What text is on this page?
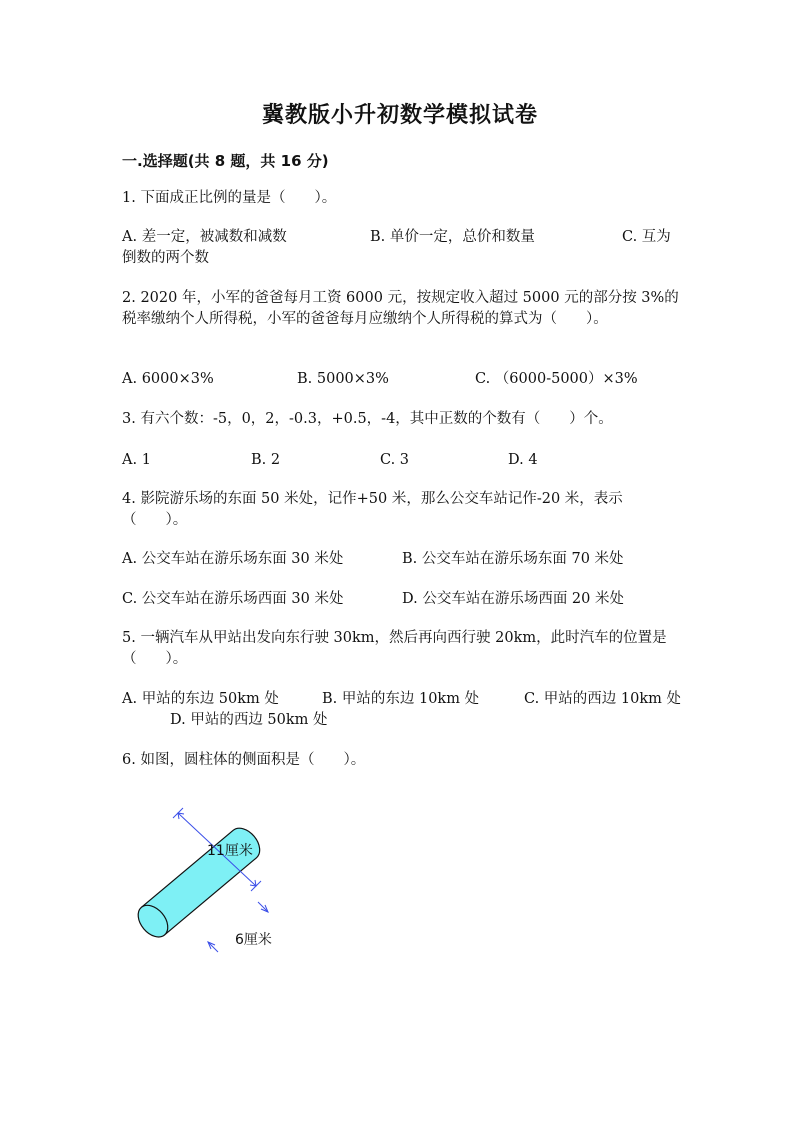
冀教版小升初数学模拟试卷
一.选择题(共 8 题，共 16 分)
1. 下面成正比例的量是（　　）。
A. 差一定，被减数和减数	B. 单价一定，总价和数量	C. 互为
倒数的两个数
2. 2020 年，小军的爸爸每月工资 6000 元，按规定收入超过 5000 元的部分按 3%的税率缴纳个人所得税，小军的爸爸每月应缴纳个人所得税的算式为（　　）。
A. 6000×3%	B. 5000×3%	C. （6000-5000）×3%
3. 有六个数：-5，0，2，-0.3，+0.5，-4，其中正数的个数有（　　）个。
A. 1	B. 2	C. 3	D. 4
4. 影院游乐场的东面 50 米处，记作+50 米，那么公交车站记作-20 米，表示（　　）。
A. 公交车站在游乐场东面 30 米处	B. 公交车站在游乐场东面 70 米处
C. 公交车站在游乐场西面 30 米处	D. 公交车站在游乐场西面 20 米处
5. 一辆汽车从甲站出发向东行驶 30km，然后再向西行驶 20km，此时汽车的位置是（　　）。
A. 甲站的东边 50km 处	B. 甲站的东边 10km 处	C. 甲站的西边 10km 处
D. 甲站的西边 50km 处
6. 如图，圆柱体的侧面积是（　　）。
11厘米
6厘米
